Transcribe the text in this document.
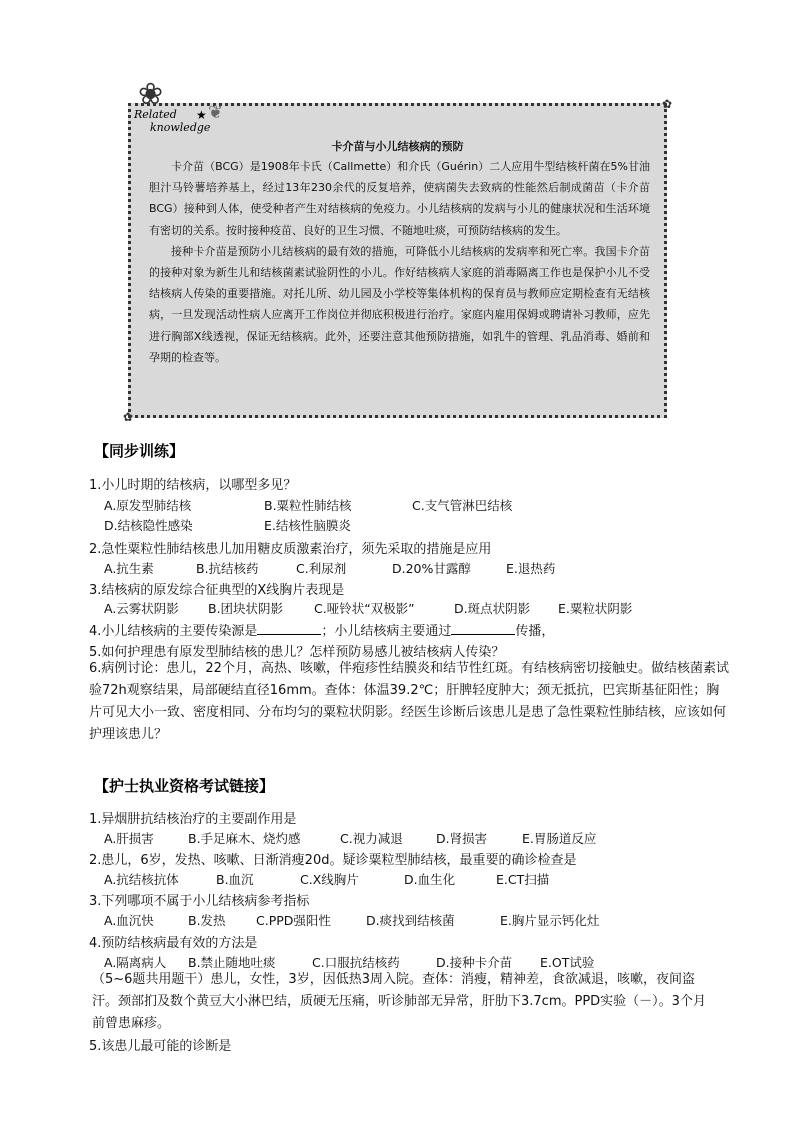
✿
✿
卡介苗与小儿结核病的预防

卡介苗（BCG）是1908年卡氏（Callmette）和介氏（Guérin）二人应用牛型结核杆菌在5%甘油胆汁马铃薯培养基上，经过13年230余代的反复培养，使病菌失去致病的性能然后制成菌苗（卡介苗BCG）接种到人体，使受种者产生对结核病的免疫力。小儿结核病的发病与小儿的健康状况和生活环境有密切的关系。按时接种疫苗、良好的卫生习惯、不随地吐痰，可预防结核病的发生。

接种卡介苗是预防小儿结核病的最有效的措施，可降低小儿结核病的发病率和死亡率。我国卡介苗的接种对象为新生儿和结核菌素试验阴性的小儿。作好结核病人家庭的消毒隔离工作也是保护小儿不受结核病人传染的重要措施。对托儿所、幼儿园及小学校等集体机构的保育员与教师应定期检查有无结核病，一旦发现活动性病人应离开工作岗位并彻底积极进行治疗。家庭内雇用保姆或聘请补习教师，应先进行胸部X线透视，保证无结核病。此外，还要注意其他预防措施，如乳牛的管理、乳品消毒、婚前和孕期的检查等。

❀
❦
★
Related
knowledge
【同步训练】
1.小儿时期的结核病，以哪型多见？
A.原发型肺结核	B.粟粒性肺结核	C.支气管淋巴结核
D.结核隐性感染	E.结核性脑膜炎
2.急性粟粒性肺结核患儿加用糖皮质激素治疗，须先采取的措施是应用
A.抗生素	B.抗结核药	C.利尿剂	D.20%甘露醇	E.退热药
3.结核病的原发综合征典型的X线胸片表现是
A.云雾状阴影 B.团块状阴影 C.哑铃状“双极影”	D.斑点状阴影 E.粟粒状阴影
4.小儿结核病的主要传染源是	；小儿结核病主要通过	传播，
5.如何护理患有原发型肺结核的患儿？怎样预防易感儿被结核病人传染？
6.病例讨论：患儿，22个月，高热、咳嗽，伴疱疹性结膜炎和结节性红斑。有结核病密切接触史。做结核菌素试验72h观察结果，局部硬结直径16mm。查体：体温39.2℃；肝脾轻度肿大；颈无抵抗，巴宾斯基征阳性；胸片可见大小一致、密度相同、分布均匀的粟粒状阴影。经医生诊断后该患儿是患了急性粟粒性肺结核，应该如何护理该患儿？
【护士执业资格考试链接】
1.异烟肼抗结核治疗的主要副作用是
A.肝损害	B.手足麻木、烧灼感	C.视力减退	D.肾损害	E.胃肠道反应
2.患儿，6岁，发热、咳嗽、日渐消瘦20d。疑诊粟粒型肺结核，最重要的确诊检查是
A.抗结核抗体	B.血沉	C.X线胸片	D.血生化	E.CT扫描
3.下列哪项不属于小儿结核病参考指标
A.血沉快	B.发热 C.PPD强阳性	D.痰找到结核菌	E.胸片显示钙化灶
4.预防结核病最有效的方法是
A.隔离病人 B.禁止随地吐痰	C.口服抗结核药	D.接种卡介苗 E.OT试验
（5~6题共用题干）患儿，女性，3岁，因低热3周入院。查体：消瘦，精神差，食欲减退，咳嗽，夜间盗汗。颈部扪及数个黄豆大小淋巴结，质硬无压痛，听诊肺部无异常，肝肋下3.7cm。PPD实验（－）。3个月前曾患麻疹。
5.该患儿最可能的诊断是
